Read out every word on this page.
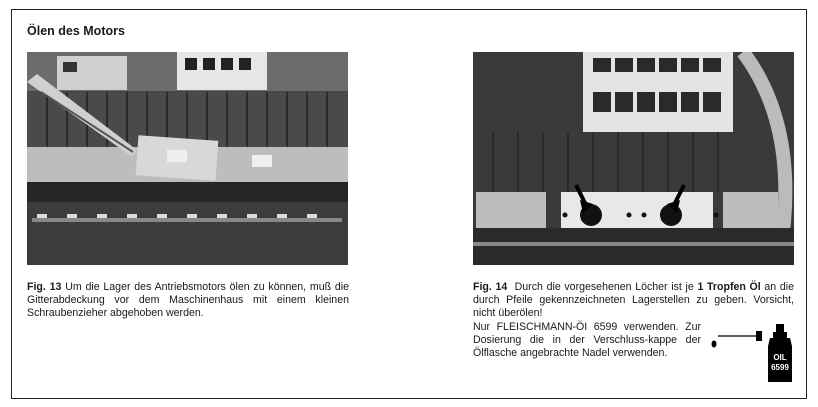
Ölen des Motors
Fig. 13 Um die Lager des Antriebsmotors ölen zu können, muß die Gitterabdeckung vor dem Maschinenhaus mit einem kleinen Schraubenzieher abgehoben werden.
Fig. 14 Durch die vorgesehenen Löcher ist je 1 Tropfen Öl an die durch Pfeile gekennzeichneten Lagerstellen zu geben. Vorsicht, nicht überölen!
Nur FLEISCHMANN-ÖI 6599 verwenden. Zur Dosierung die in der Verschluss-kappe der Ölflasche angebrachte Nadel verwenden.	OIL
6599
